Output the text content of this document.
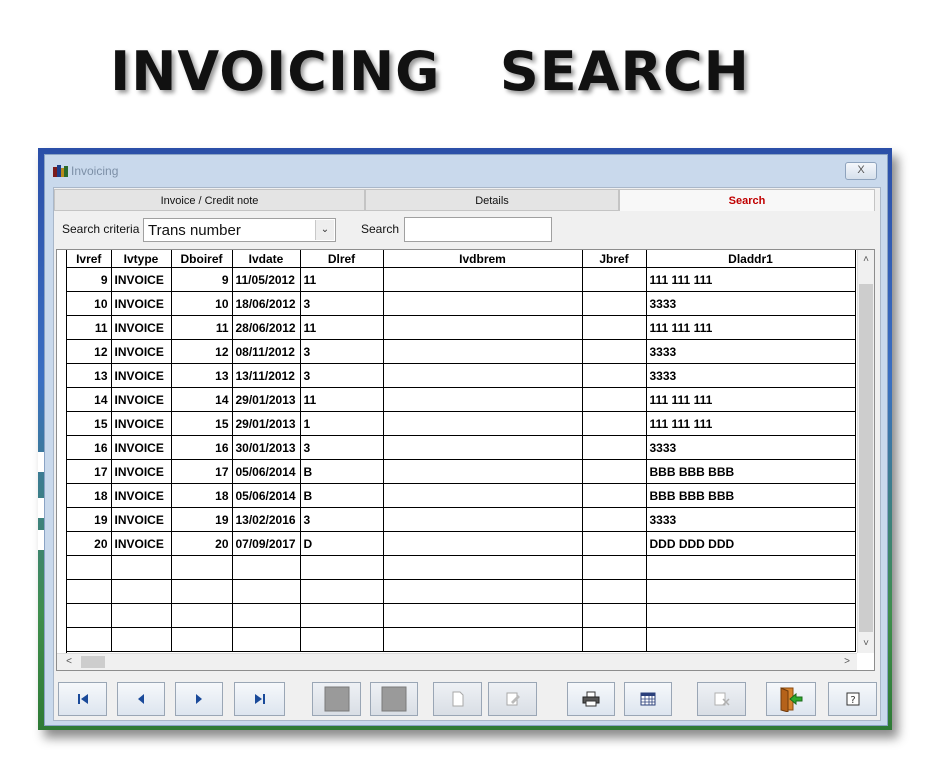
INVOICING   SEARCH
Invoicing	X
Invoice / Credit note	Details	Search
Search criteria Trans number	⌄	Search
Ivref	Ivtype	Dboiref	Ivdate	Dlref	Ivdbrem	Jbref	Dladdr1
9	INVOICE	9	11/05/2012	11			111 111 111
10	INVOICE	10	18/06/2012	3			3333
11	INVOICE	11	28/06/2012	11			111 111 111
12	INVOICE	12	08/11/2012	3			3333
13	INVOICE	13	13/11/2012	3			3333
14	INVOICE	14	29/01/2013	11			111 111 111
15	INVOICE	15	29/01/2013	1			111 111 111
16	INVOICE	16	30/01/2013	3			3333
17	INVOICE	17	05/06/2014	B			BBB BBB BBB
18	INVOICE	18	05/06/2014	B			BBB BBB BBB
19	INVOICE	19	13/02/2016	3			3333
20	INVOICE	20	07/09/2017	D			DDD DDD DDD

˄
˅
<	>
?
